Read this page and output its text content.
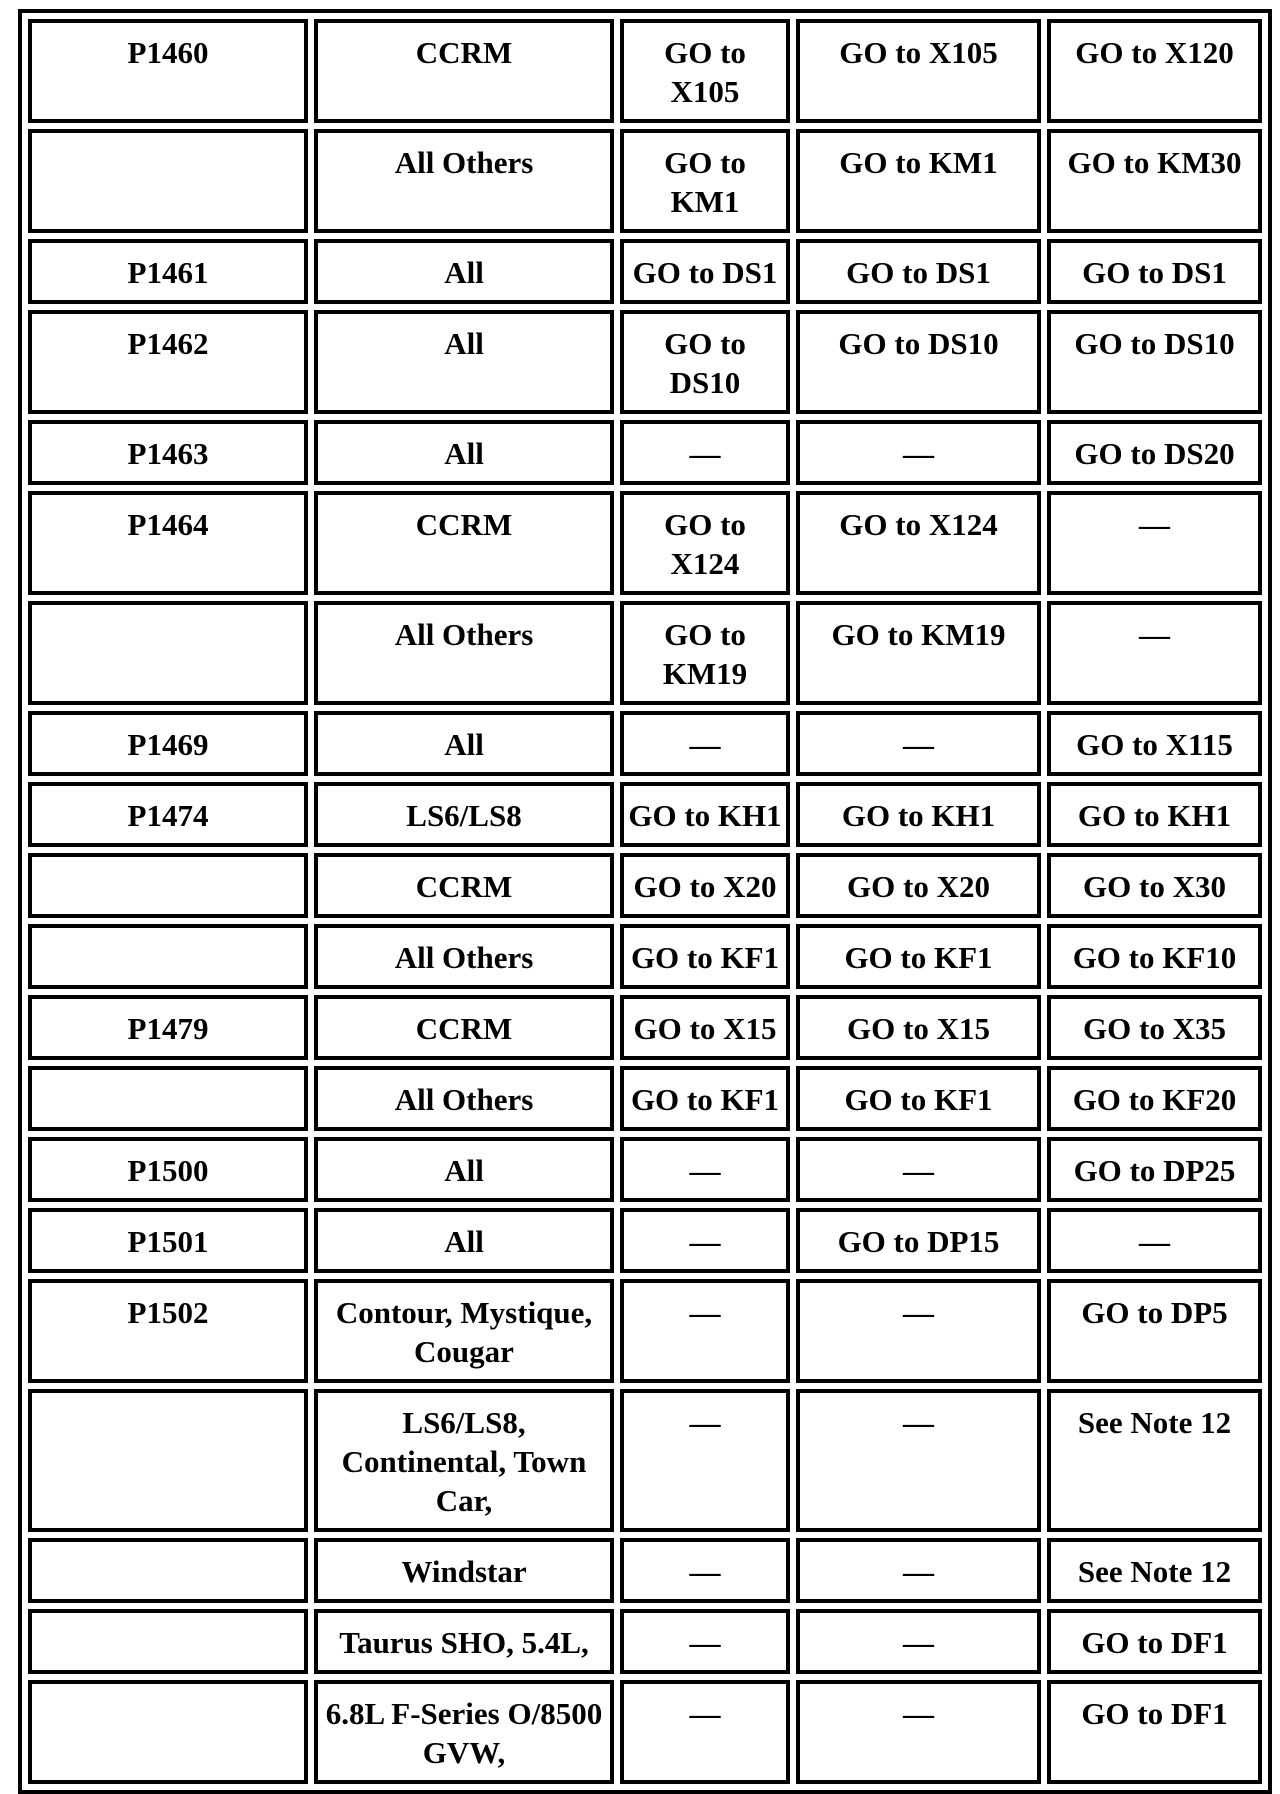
P1460	CCRM	GO to X105	GO to X105	GO to X120
	All Others	GO to KM1	GO to KM1	GO to KM30
P1461	All	GO to DS1	GO to DS1	GO to DS1
P1462	All	GO to DS10	GO to DS10	GO to DS10
P1463	All	—	—	GO to DS20
P1464	CCRM	GO to X124	GO to X124	—
	All Others	GO to KM19	GO to KM19	—
P1469	All	—	—	GO to X115
P1474	LS6/LS8	GO to KH1	GO to KH1	GO to KH1
	CCRM	GO to X20	GO to X20	GO to X30
	All Others	GO to KF1	GO to KF1	GO to KF10
P1479	CCRM	GO to X15	GO to X15	GO to X35
	All Others	GO to KF1	GO to KF1	GO to KF20
P1500	All	—	—	GO to DP25
P1501	All	—	GO to DP15	—
P1502	Contour, Mystique, Cougar	—	—	GO to DP5
	LS6/LS8, Continental, Town Car,	—	—	See Note 12
	Windstar	—	—	See Note 12
	Taurus SHO, 5.4L,	—	—	GO to DF1
	6.8L F-Series O/8500 GVW,	—	—	GO to DF1
